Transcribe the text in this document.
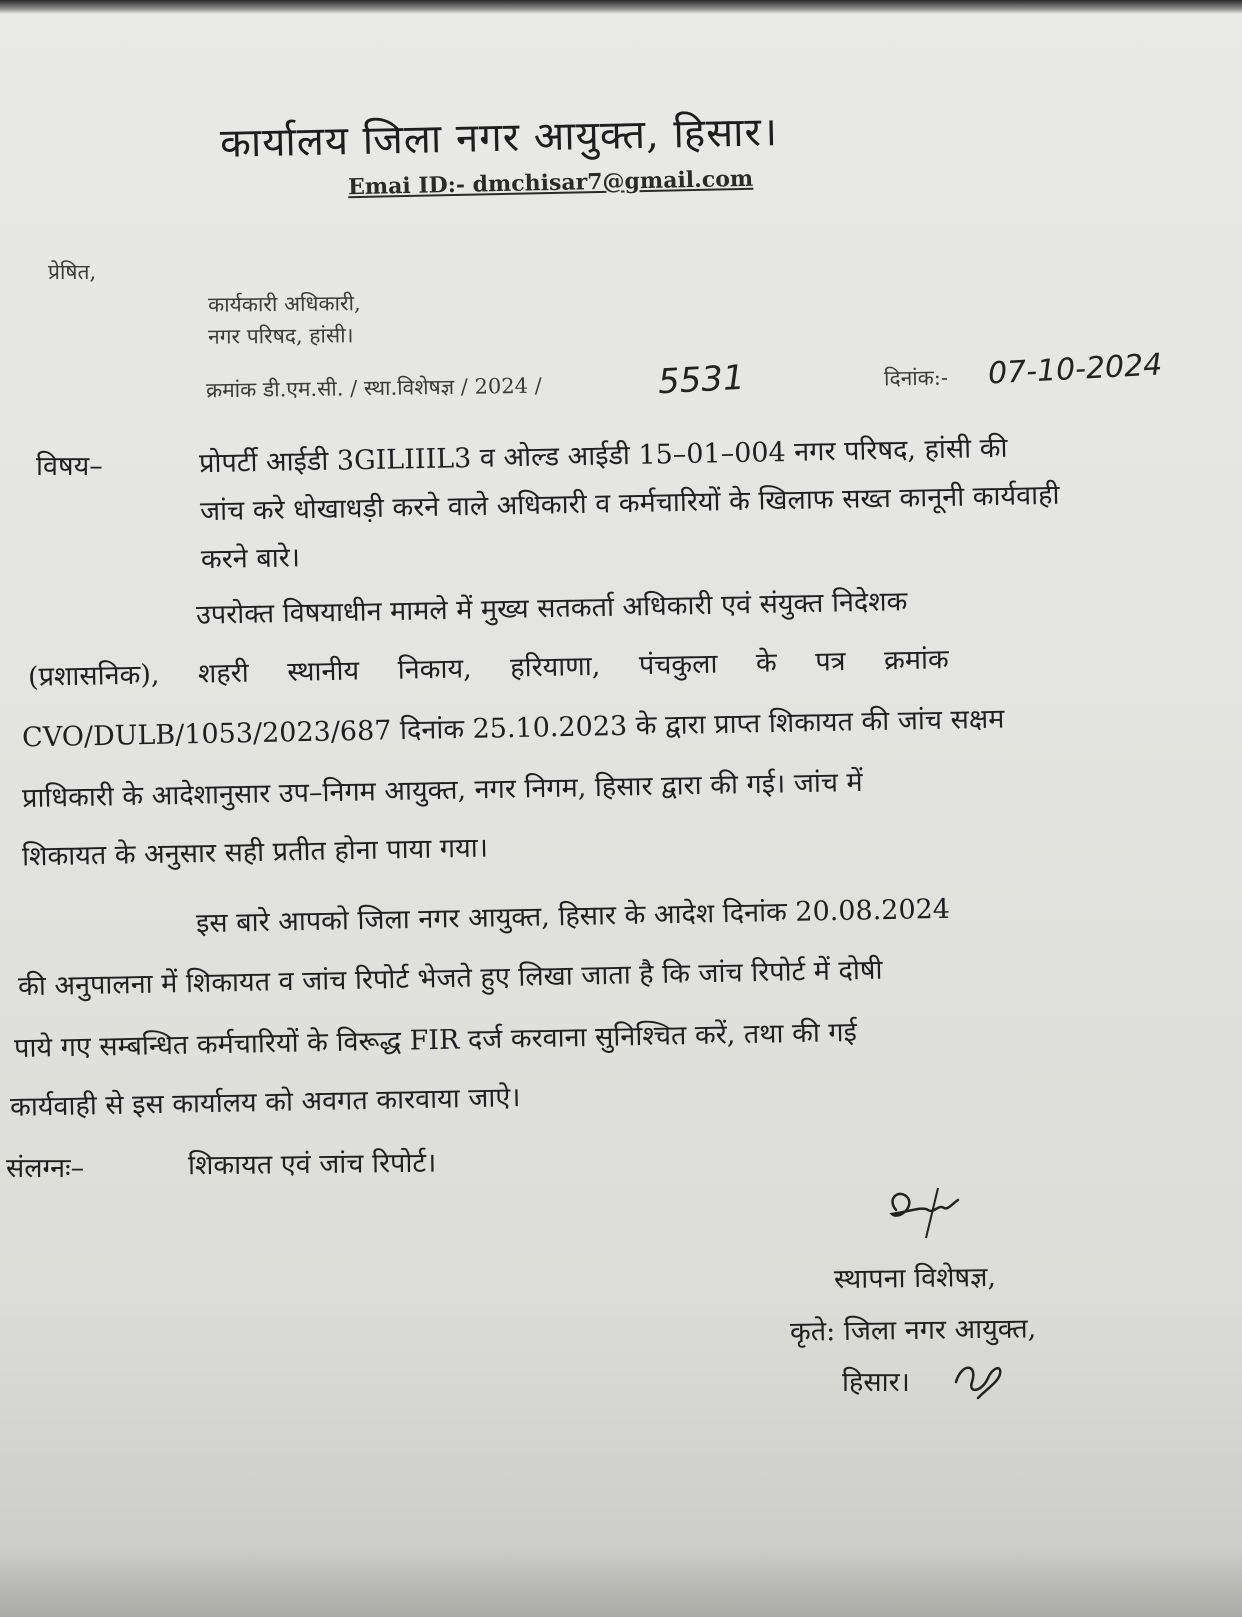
कार्यालय जिला नगर आयुक्त, हिसार।
Emai ID:- dmchisar7@gmail.com
प्रेषित,
कार्यकारी अधिकारी,
नगर परिषद, हांसी।
क्रमांक डी.एम.सी. / स्था.विशेषज्ञ / 2024 /	5531	दिनांक:- 07-10-2024
विषय–	प्रोपर्टी आईडी 3GILIIIL3 व ओल्ड आईडी 15–01–004 नगर परिषद, हांसी की जांच करे धोखाधड़ी करने वाले अधिकारी व कर्मचारियों के खिलाफ सख्त कानूनी कार्यवाही करने बारे।
उपरोक्त विषयाधीन मामले में मुख्य सतकर्ता अधिकारी एवं संयुक्त निदेशक
(प्रशासनिक), शहरी स्थानीय निकाय, हरियाणा, पंचकुला के पत्र क्रमांक
CVO/DULB/1053/2023/687 दिनांक 25.10.2023 के द्वारा प्राप्त शिकायत की जांच सक्षम
प्राधिकारी के आदेशानुसार उप–निगम आयुक्त, नगर निगम, हिसार द्वारा की गई। जांच में
शिकायत के अनुसार सही प्रतीत होना पाया गया।
इस बारे आपको जिला नगर आयुक्त, हिसार के आदेश दिनांक 20.08.2024
की अनुपालना में शिकायत व जांच रिपोर्ट भेजते हुए लिखा जाता है कि जांच रिपोर्ट में दोषी
पाये गए सम्बन्धित कर्मचारियों के विरूद्ध FIR दर्ज करवाना सुनिश्चित करें, तथा की गई
कार्यवाही से इस कार्यालय को अवगत कारवाया जाऐ।
संलग्नः–	शिकायत एवं जांच रिपोर्ट।
स्थापना विशेषज्ञ,
कृते: जिला नगर आयुक्त,
हिसार।
